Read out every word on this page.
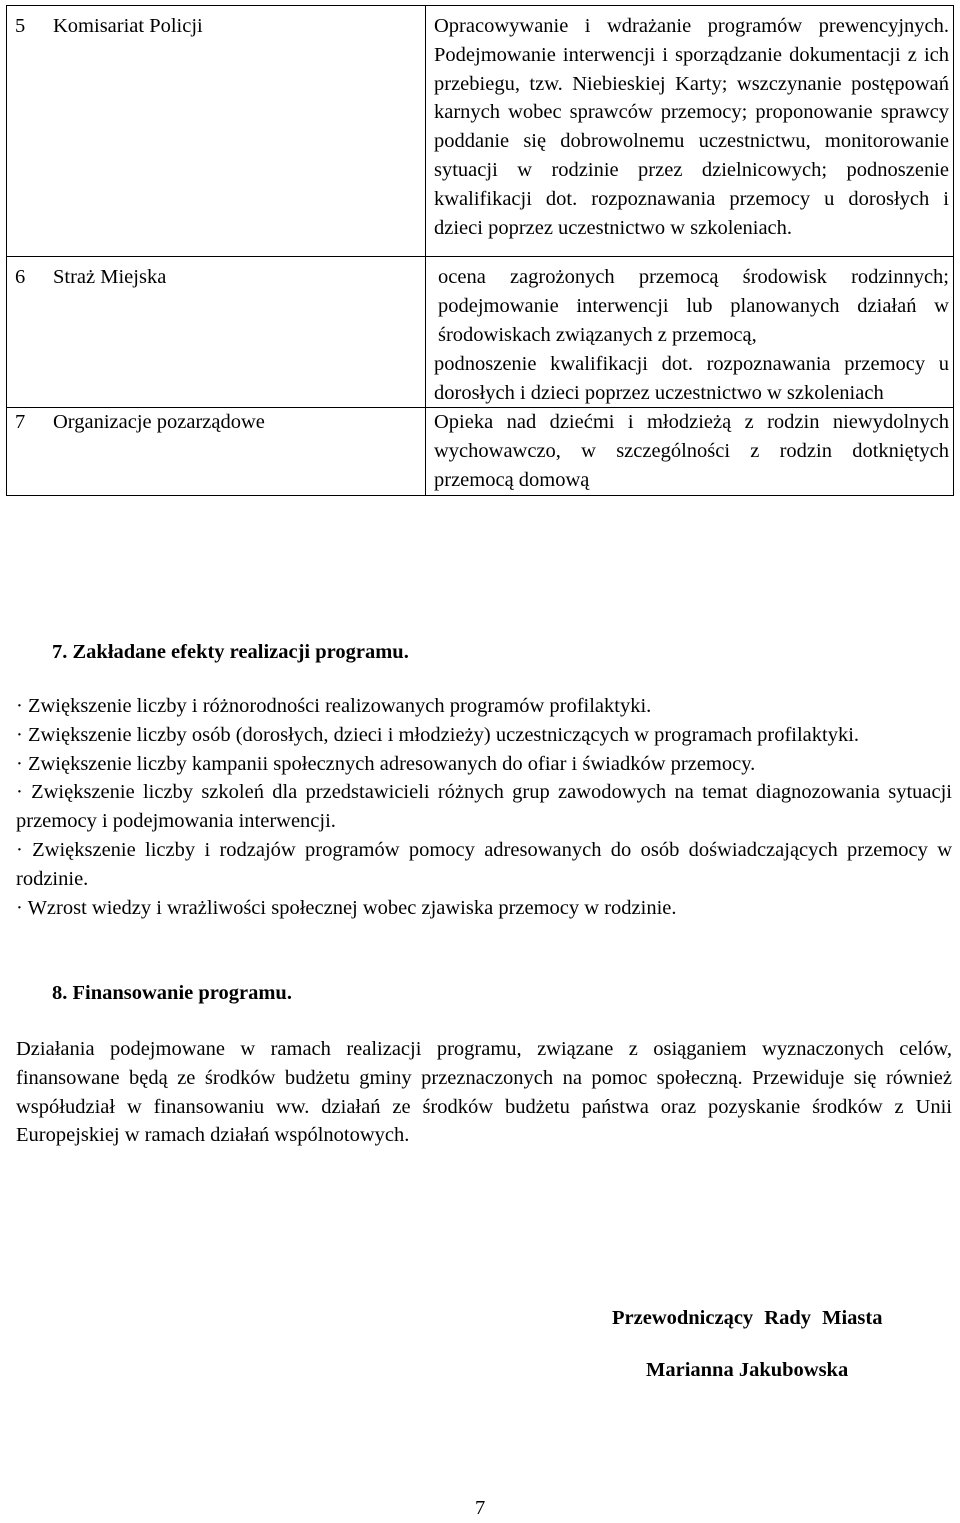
5	Komisariat Policji	Opracowywanie i wdrażanie programów prewencyjnych. Podejmowanie interwencji i sporządzanie dokumentacji z ich przebiegu, tzw. Niebieskiej Karty; wszczynanie postępowań karnych wobec sprawców przemocy; proponowanie sprawcy poddanie się dobrowolnemu uczestnictwu, monitorowanie sytuacji w rodzinie przez dzielnicowych; podnoszenie kwalifikacji dot. rozpoznawania przemocy u dorosłych i dzieci poprzez uczestnictwo w szkoleniach.
6	Straż Miejska	ocena zagrożonych przemocą środowisk rodzinnych; podejmowanie interwencji lub planowanych działań w środowiskach związanych z przemocą,
podnoszenie kwalifikacji dot. rozpoznawania przemocy u dorosłych i dzieci poprzez uczestnictwo w szkoleniach

7	Organizacje pozarządowe	Opieka nad dziećmi i młodzieżą z rodzin niewydolnych wychowawczo, w szczególności z rodzin dotkniętych przemocą domową
7. Zakładane efekty realizacji programu.

· Zwiększenie liczby i różnorodności realizowanych programów profilaktyki.

· Zwiększenie liczby osób (dorosłych, dzieci i młodzieży) uczestniczących w programach profilaktyki.

· Zwiększenie liczby kampanii społecznych adresowanych do ofiar i świadków przemocy.

· Zwiększenie liczby szkoleń dla przedstawicieli różnych grup zawodowych na temat diagnozowania sytuacji przemocy i podejmowania interwencji.

· Zwiększenie liczby i rodzajów programów pomocy adresowanych do osób doświadczających przemocy w rodzinie.

· Wzrost wiedzy i wrażliwości społecznej wobec zjawiska przemocy w rodzinie.

8. Finansowanie programu.

Działania podejmowane w ramach realizacji programu, związane z osiąganiem wyznaczonych celów, finansowane będą ze środków budżetu gminy przeznaczonych na pomoc społeczną. Przewiduje się również współudział w finansowaniu ww. działań ze środków budżetu państwa oraz pozyskanie środków z Unii Europejskiej w ramach działań wspólnotowych.

Przewodniczący Rady Miasta
Marianna Jakubowska
7
